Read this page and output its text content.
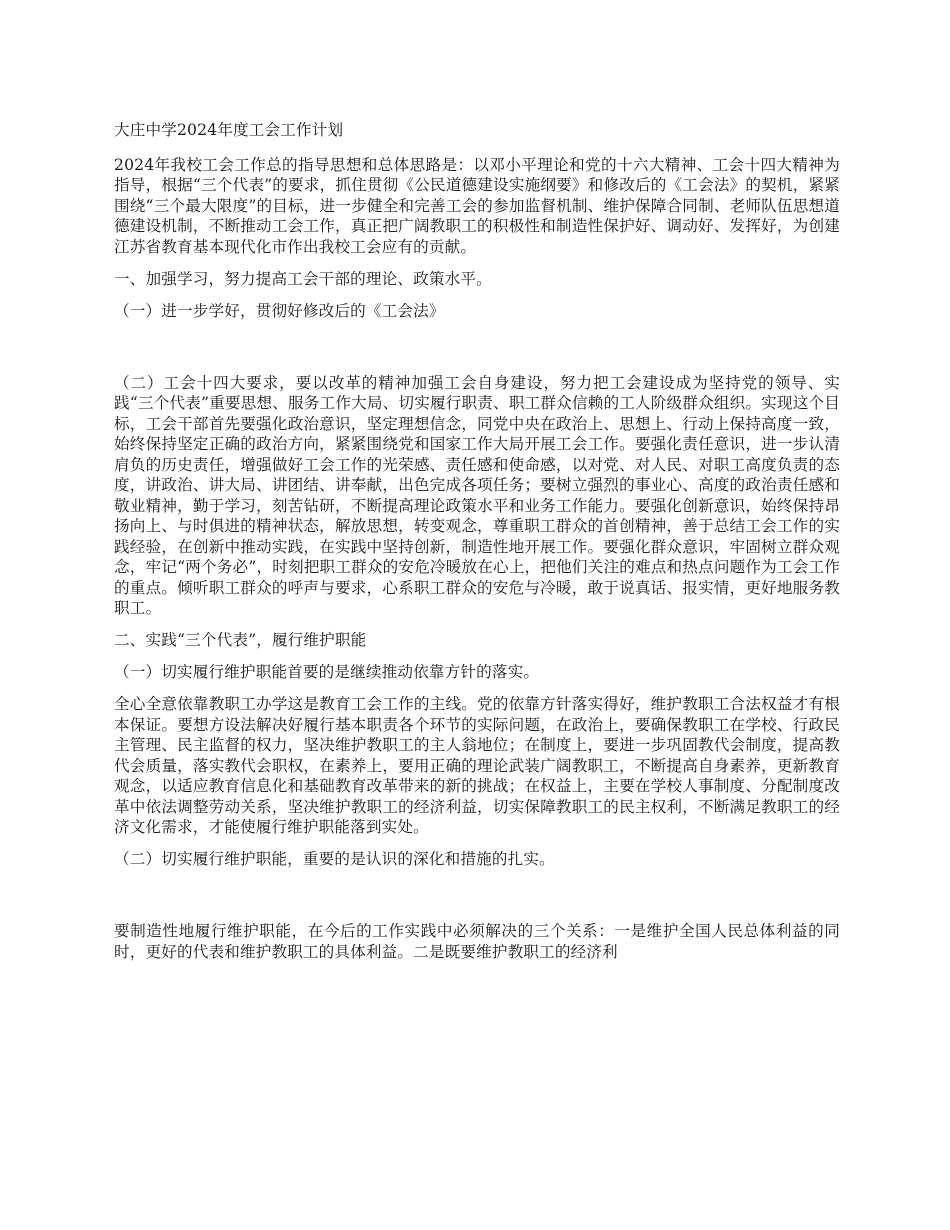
大庄中学2024年度工会工作计划

2024年我校工会工作总的指导思想和总体思路是：以邓小平理论和党的十六大精神、工会十四大精神为指导，根据“三个代表”的要求，抓住贯彻《公民道德建设实施纲要》和修改后的《工会法》的契机，紧紧围绕“三个最大限度”的目标，进一步健全和完善工会的参加监督机制、维护保障合同制、老师队伍思想道德建设机制，不断推动工会工作，真正把广阔教职工的积极性和制造性保护好、调动好、发挥好，为创建江苏省教育基本现代化市作出我校工会应有的贡献。

一、加强学习，努力提高工会干部的理论、政策水平。

（一）进一步学好，贯彻好修改后的《工会法》

（二）工会十四大要求，要以改革的精神加强工会自身建设，努力把工会建设成为坚持党的领导、实践“三个代表”重要思想、服务工作大局、切实履行职责、职工群众信赖的工人阶级群众组织。实现这个目标，工会干部首先要强化政治意识，坚定理想信念，同党中央在政治上、思想上、行动上保持高度一致，始终保持坚定正确的政治方向，紧紧围绕党和国家工作大局开展工会工作。要强化责任意识，进一步认清肩负的历史责任，增强做好工会工作的光荣感、责任感和使命感，以对党、对人民、对职工高度负责的态度，讲政治、讲大局、讲团结、讲奉献，出色完成各项任务；要树立强烈的事业心、高度的政治责任感和敬业精神，勤于学习，刻苦钻研，不断提高理论政策水平和业务工作能力。要强化创新意识，始终保持昂扬向上、与时俱进的精神状态，解放思想，转变观念，尊重职工群众的首创精神，善于总结工会工作的实践经验，在创新中推动实践，在实践中坚持创新，制造性地开展工作。要强化群众意识，牢固树立群众观念，牢记“两个务必”，时刻把职工群众的安危冷暖放在心上，把他们关注的难点和热点问题作为工会工作的重点。倾听职工群众的呼声与要求，心系职工群众的安危与冷暖，敢于说真话、报实情，更好地服务教职工。

二、实践“三个代表”，履行维护职能

（一）切实履行维护职能首要的是继续推动依靠方针的落实。

全心全意依靠教职工办学这是教育工会工作的主线。党的依靠方针落实得好，维护教职工合法权益才有根本保证。要想方设法解决好履行基本职责各个环节的实际问题，在政治上，要确保教职工在学校、行政民主管理、民主监督的权力，坚决维护教职工的主人翁地位；在制度上，要进一步巩固教代会制度，提高教代会质量，落实教代会职权，在素养上，要用正确的理论武装广阔教职工，不断提高自身素养，更新教育观念，以适应教育信息化和基础教育改革带来的新的挑战；在权益上，主要在学校人事制度、分配制度改革中依法调整劳动关系，坚决维护教职工的经济利益，切实保障教职工的民主权利，不断满足教职工的经济文化需求，才能使履行维护职能落到实处。

（二）切实履行维护职能，重要的是认识的深化和措施的扎实。

要制造性地履行维护职能，在今后的工作实践中必须解决的三个关系：一是维护全国人民总体利益的同时，更好的代表和维护教职工的具体利益。二是既要维护教职工的经济利
